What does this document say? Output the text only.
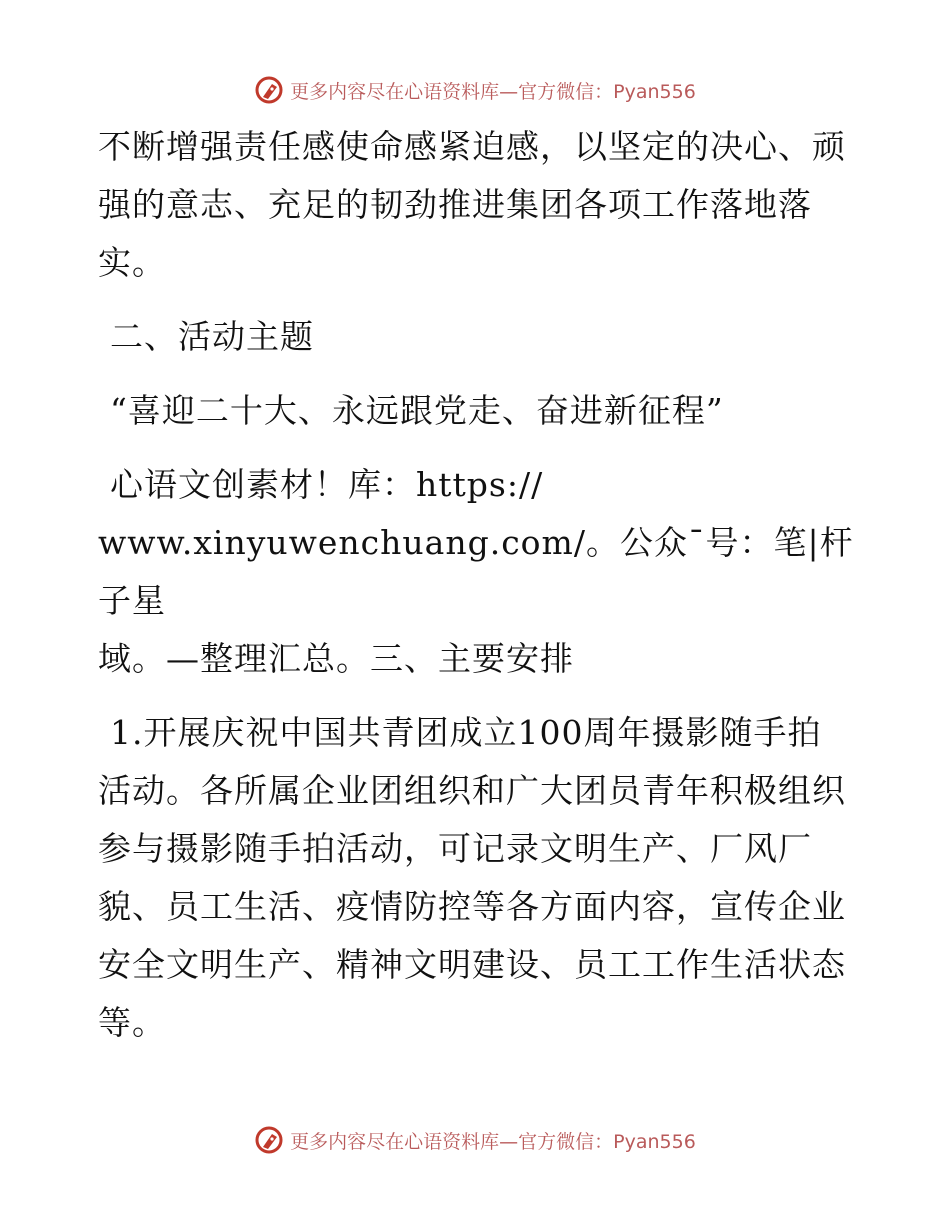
更多内容尽在心语资料库—官方微信：Pyan556

不断增强责任感使命感紧迫感，以坚定的决心、顽

强的意志、充足的韧劲推进集团各项工作落地落

实。

二、活动主题

“喜迎二十大、永远跟党走、奋进新征程”

心语文创素材！库：https://

www.xinyuwenchuang.com/。公众¯号：笔|杆子星

域。—整理汇总。三、主要安排

1.开展庆祝中国共青团成立100周年摄影随手拍

活动。各所属企业团组织和广大团员青年积极组织

参与摄影随手拍活动，可记录文明生产、厂风厂

貌、员工生活、疫情防控等各方面内容，宣传企业

安全文明生产、精神文明建设、员工工作生活状态

等。

更多内容尽在心语资料库—官方微信：Pyan556
